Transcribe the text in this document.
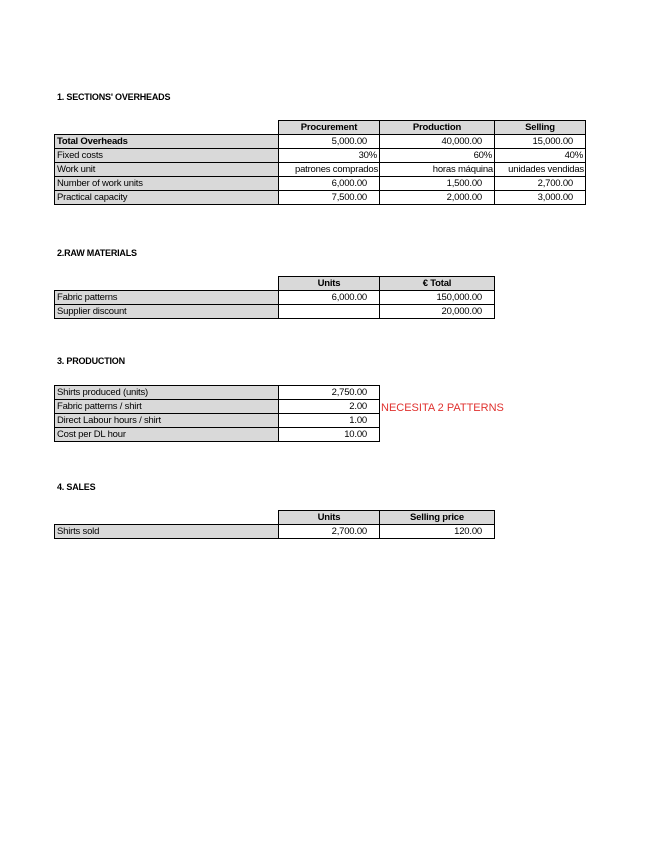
1. SECTIONS' OVERHEADS
	Procurement	Production	Selling
Total Overheads	5,000.00	40,000.00	15,000.00
Fixed costs	30%	60%	40%
Work unit	patrones comprados	horas máquina	unidades vendidas
Number of work units	6,000.00	1,500.00	2,700.00
Practical capacity	7,500.00	2,000.00	3,000.00
2.RAW MATERIALS
	Units	€ Total
Fabric patterns	6,000.00	150,000.00
Supplier discount		20,000.00
3. PRODUCTION
Shirts produced (units)	2,750.00
Fabric patterns / shirt	2.00
Direct Labour hours / shirt	1.00
Cost per DL hour	10.00
NECESITA 2 PATTERNS
4. SALES
	Units	Selling price
Shirts sold	2,700.00	120.00
